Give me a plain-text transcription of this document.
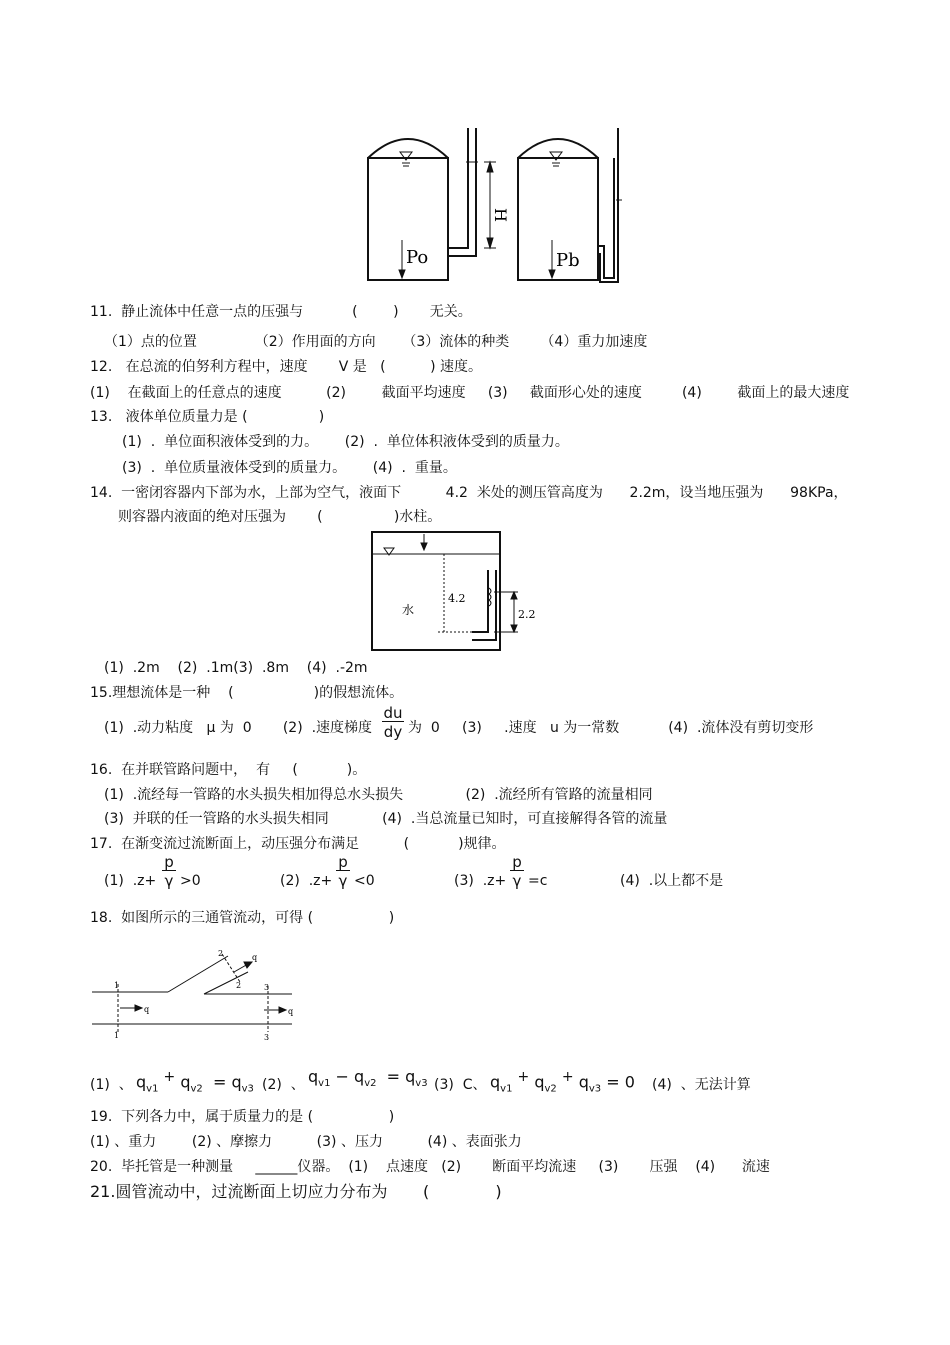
H
Po	Pb
11.  静止流体中任意一点的压强与           (        )       无关。
（1）点的位置             （2）作用面的方向      （3）流体的种类       （4）重力加速度
12.   在总流的伯努利方程中，速度       V 是   (          ) 速度。
(1)    在截面上的任意点的速度          (2)        截面平均速度     (3)     截面形心处的速度         (4)        截面上的最大速度
13.   液体单位质量力是 (                )
(1)  .  单位面积液体受到的力。      (2)  .  单位体积液体受到的质量力。
(3)  .  单位质量液体受到的质量力。      (4)  .  重量。
14.  一密闭容器内下部为水，上部为空气，液面下          4.2  米处的测压管高度为      2.2m，设当地压强为      98KPa，
则容器内液面的绝对压强为       (                )水柱。
水
4.2
2.2
(1)  .2m    (2)  .1m(3)  .8m    (4)  .-2m
15.理想流体是一种    (                  )的假想流体。
(1)  .动力粘度   μ 为  0       (2)  .速度梯度
du
dy 为  0     (3)     .速度   u 为一常数           (4)  .流体没有剪切变形
16.  在并联管路问题中，  有     (           )。
(1)  .流经每一管路的水头损失相加得总水头损失              (2)  .流经所有管路的流量相同
(3)  并联的任一管路的水头损失相同            (4)  .当总流量已知时，可直接解得各管的流量
17.  在渐变流过流断面上，动压强分布满足          (           )规律。
(1)  .z+
p
γ >0	(2)  .z+
p
γ <0	(3)  .z+
p
γ =c	(4)  .以上都不是
18.  如图所示的三通管流动，可得 (                 )
1
1
3
3
2
2
q	q
q
(1)  、 $q_{v1}$ + $q_{v2} = q_{v3}$ (2)  、 $q_{v1} - q_{v2} = q_{v3}$ (3)  C、 $q_{v1}$ + $q_{v2}$ + $q_{v3} = 0$ (4)  、无法计算
19.  下列各力中，属于质量力的是 (                 )
(1) 、重力        (2) 、摩擦力          (3) 、压力          (4) 、表面张力
20.  毕托管是一种测量     ______仪器。  (1)    点速度   (2)       断面平均流速     (3)       压强    (4)      流速
21.圆管流动中，过流断面上切应力分布为       (             )
